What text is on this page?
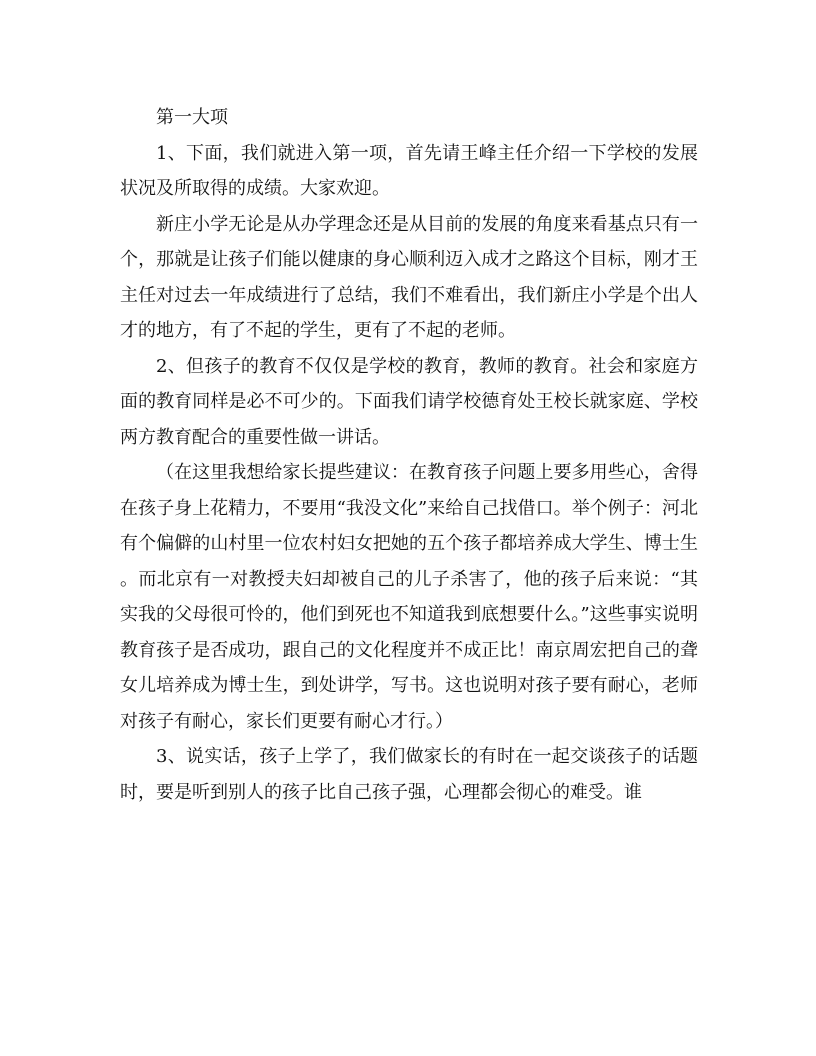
第一大项

1、下面，我们就进入第一项，首先请王峰主任介绍一下学校的发展状况及所取得的成绩。大家欢迎。

新庄小学无论是从办学理念还是从目前的发展的角度来看基点只有一个，那就是让孩子们能以健康的身心顺利迈入成才之路这个目标，刚才王主任对过去一年成绩进行了总结，我们不难看出，我们新庄小学是个出人才的地方，有了不起的学生，更有了不起的老师。

2、但孩子的教育不仅仅是学校的教育，教师的教育。社会和家庭方面的教育同样是必不可少的。下面我们请学校德育处王校长就家庭、学校两方教育配合的重要性做一讲话。

（在这里我想给家长提些建议：在教育孩子问题上要多用些心，舍得在孩子身上花精力，不要用“我没文化”来给自己找借口。举个例子：河北有个偏僻的山村里一位农村妇女把她的五个孩子都培养成大学生、博士生。而北京有一对教授夫妇却被自己的儿子杀害了，他的孩子后来说：“其实我的父母很可怜的，他们到死也不知道我到底想要什么。”这些事实说明教育孩子是否成功，跟自己的文化程度并不成正比！南京周宏把自己的聋女儿培养成为博士生，到处讲学，写书。这也说明对孩子要有耐心，老师对孩子有耐心，家长们更要有耐心才行。）

3、说实话，孩子上学了，我们做家长的有时在一起交谈孩子的话题时，要是听到别人的孩子比自己孩子强，心理都会彻心的难受。谁
